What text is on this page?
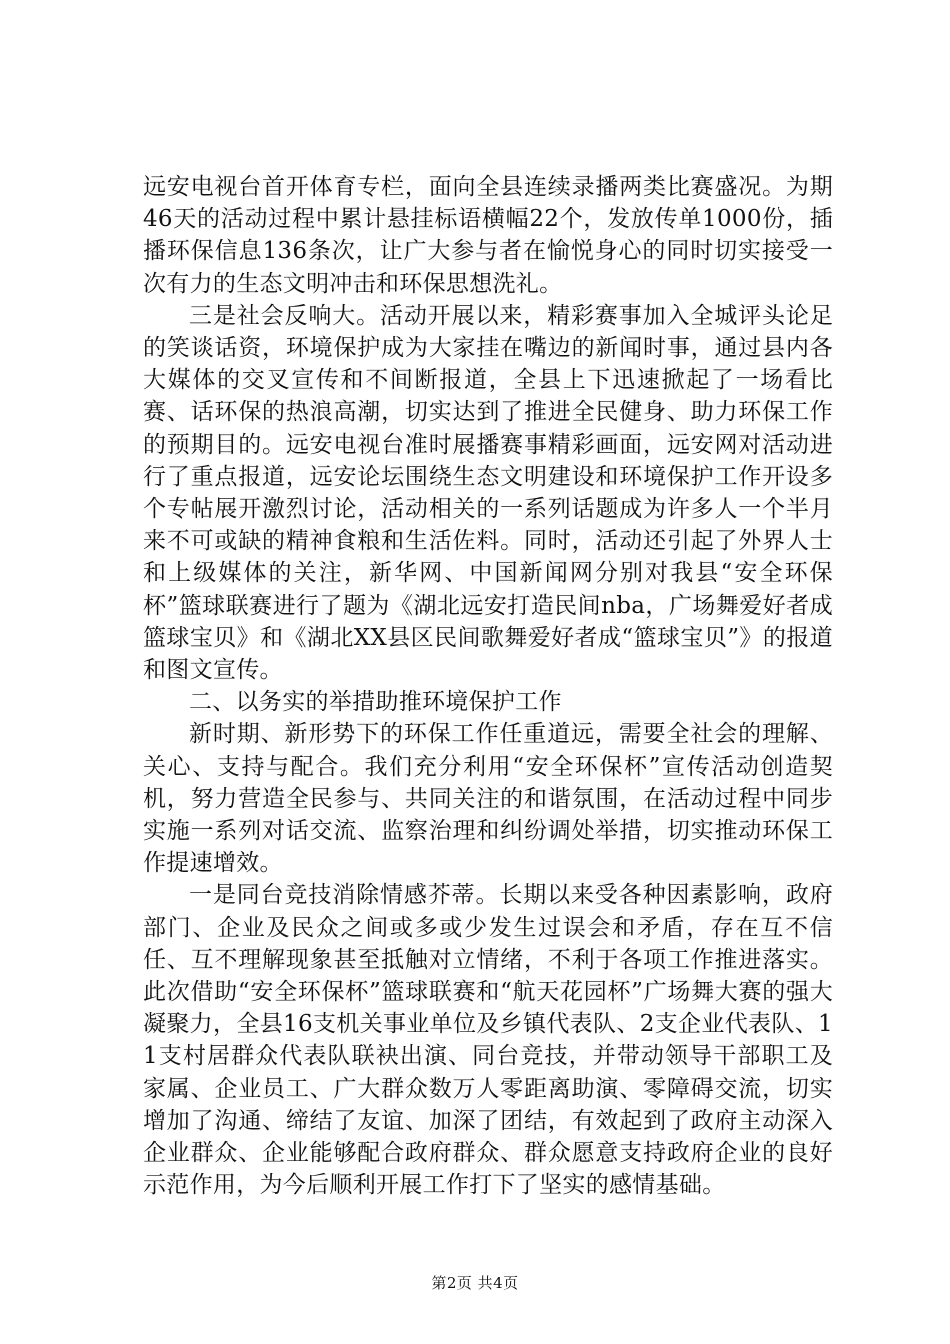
远安电视台首开体育专栏，面向全县连续录播两类比赛盛况。为期46天的活动过程中累计悬挂标语横幅22个，发放传单1000份，插播环保信息136条次，让广大参与者在愉悦身心的同时切实接受一次有力的生态文明冲击和环保思想洗礼。

三是社会反响大。活动开展以来，精彩赛事加入全城评头论足的笑谈话资，环境保护成为大家挂在嘴边的新闻时事，通过县内各大媒体的交叉宣传和不间断报道，全县上下迅速掀起了一场看比赛、话环保的热浪高潮，切实达到了推进全民健身、助力环保工作的预期目的。远安电视台准时展播赛事精彩画面，远安网对活动进行了重点报道，远安论坛围绕生态文明建设和环境保护工作开设多个专帖展开激烈讨论，活动相关的一系列话题成为许多人一个半月来不可或缺的精神食粮和生活佐料。同时，活动还引起了外界人士和上级媒体的关注，新华网、中国新闻网分别对我县“安全环保杯”篮球联赛进行了题为《湖北远安打造民间nba，广场舞爱好者成篮球宝贝》和《湖北XX县区民间歌舞爱好者成“篮球宝贝”》的报道和图文宣传。

二、以务实的举措助推环境保护工作

新时期、新形势下的环保工作任重道远，需要全社会的理解、关心、支持与配合。我们充分利用“安全环保杯”宣传活动创造契机，努力营造全民参与、共同关注的和谐氛围，在活动过程中同步实施一系列对话交流、监察治理和纠纷调处举措，切实推动环保工作提速增效。

一是同台竞技消除情感芥蒂。长期以来受各种因素影响，政府部门、企业及民众之间或多或少发生过误会和矛盾，存在互不信任、互不理解现象甚至抵触对立情绪，不利于各项工作推进落实。此次借助“安全环保杯”篮球联赛和“航天花园杯”广场舞大赛的强大凝聚力，全县16支机关事业单位及乡镇代表队、2支企业代表队、11支村居群众代表队联袂出演、同台竞技，并带动领导干部职工及家属、企业员工、广大群众数万人零距离助演、零障碍交流，切实增加了沟通、缔结了友谊、加深了团结，有效起到了政府主动深入企业群众、企业能够配合政府群众、群众愿意支持政府企业的良好示范作用，为今后顺利开展工作打下了坚实的感情基础。

第2页 共4页
